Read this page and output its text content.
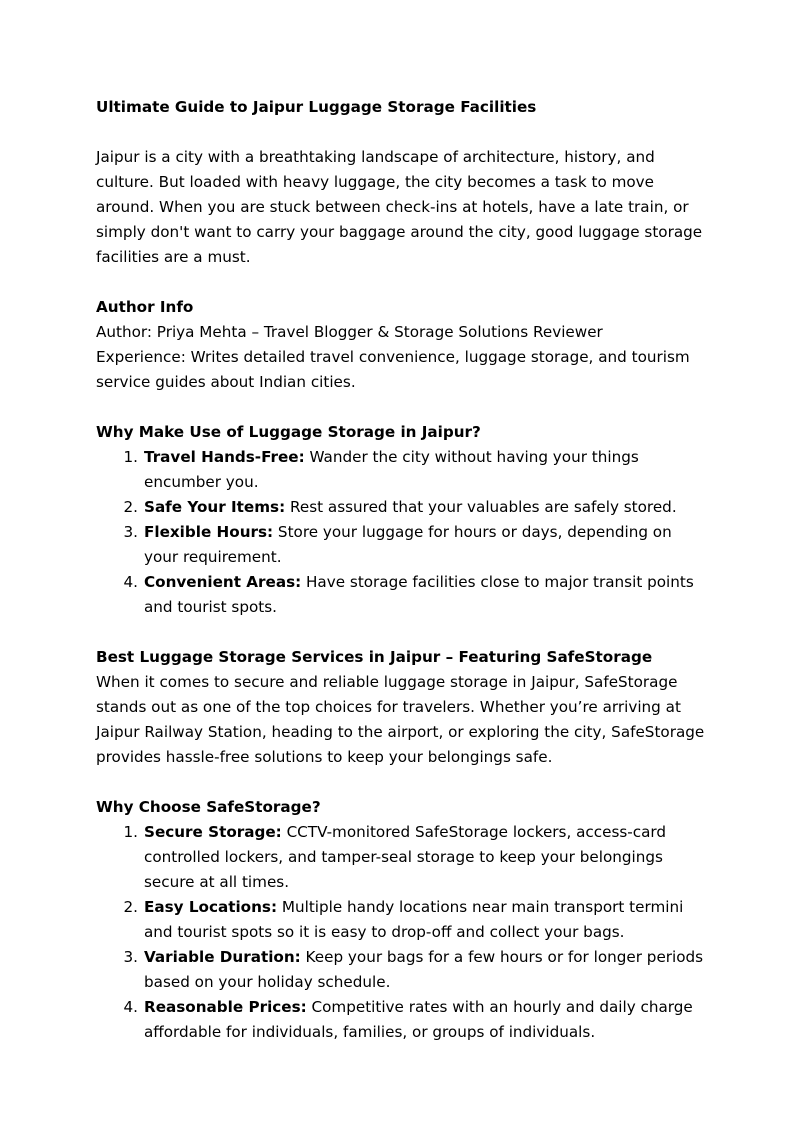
Ultimate Guide to Jaipur Luggage Storage Facilities

Jaipur is a city with a breathtaking landscape of architecture, history, and culture. But loaded with heavy luggage, the city becomes a task to move around. When you are stuck between check-ins at hotels, have a late train, or simply don't want to carry your baggage around the city, good luggage storage facilities are a must.

Author Info

Author: Priya Mehta – Travel Blogger & Storage Solutions Reviewer

Experience: Writes detailed travel convenience, luggage storage, and tourism service guides about Indian cities.

Why Make Use of Luggage Storage in Jaipur?
Travel Hands-Free: Wander the city without having your things encumber you.
Safe Your Items: Rest assured that your valuables are safely stored.
Flexible Hours: Store your luggage for hours or days, depending on your requirement.
Convenient Areas: Have storage facilities close to major transit points and tourist spots.
Best Luggage Storage Services in Jaipur – Featuring SafeStorage

When it comes to secure and reliable luggage storage in Jaipur, SafeStorage stands out as one of the top choices for travelers. Whether you’re arriving at Jaipur Railway Station, heading to the airport, or exploring the city, SafeStorage provides hassle-free solutions to keep your belongings safe.

Why Choose SafeStorage?
Secure Storage: CCTV-monitored SafeStorage lockers, access-card controlled lockers, and tamper-seal storage to keep your belongings secure at all times.
Easy Locations: Multiple handy locations near main transport termini and tourist spots so it is easy to drop-off and collect your bags.
Variable Duration: Keep your bags for a few hours or for longer periods based on your holiday schedule.
Reasonable Prices: Competitive rates with an hourly and daily charge affordable for individuals, families, or groups of individuals.
